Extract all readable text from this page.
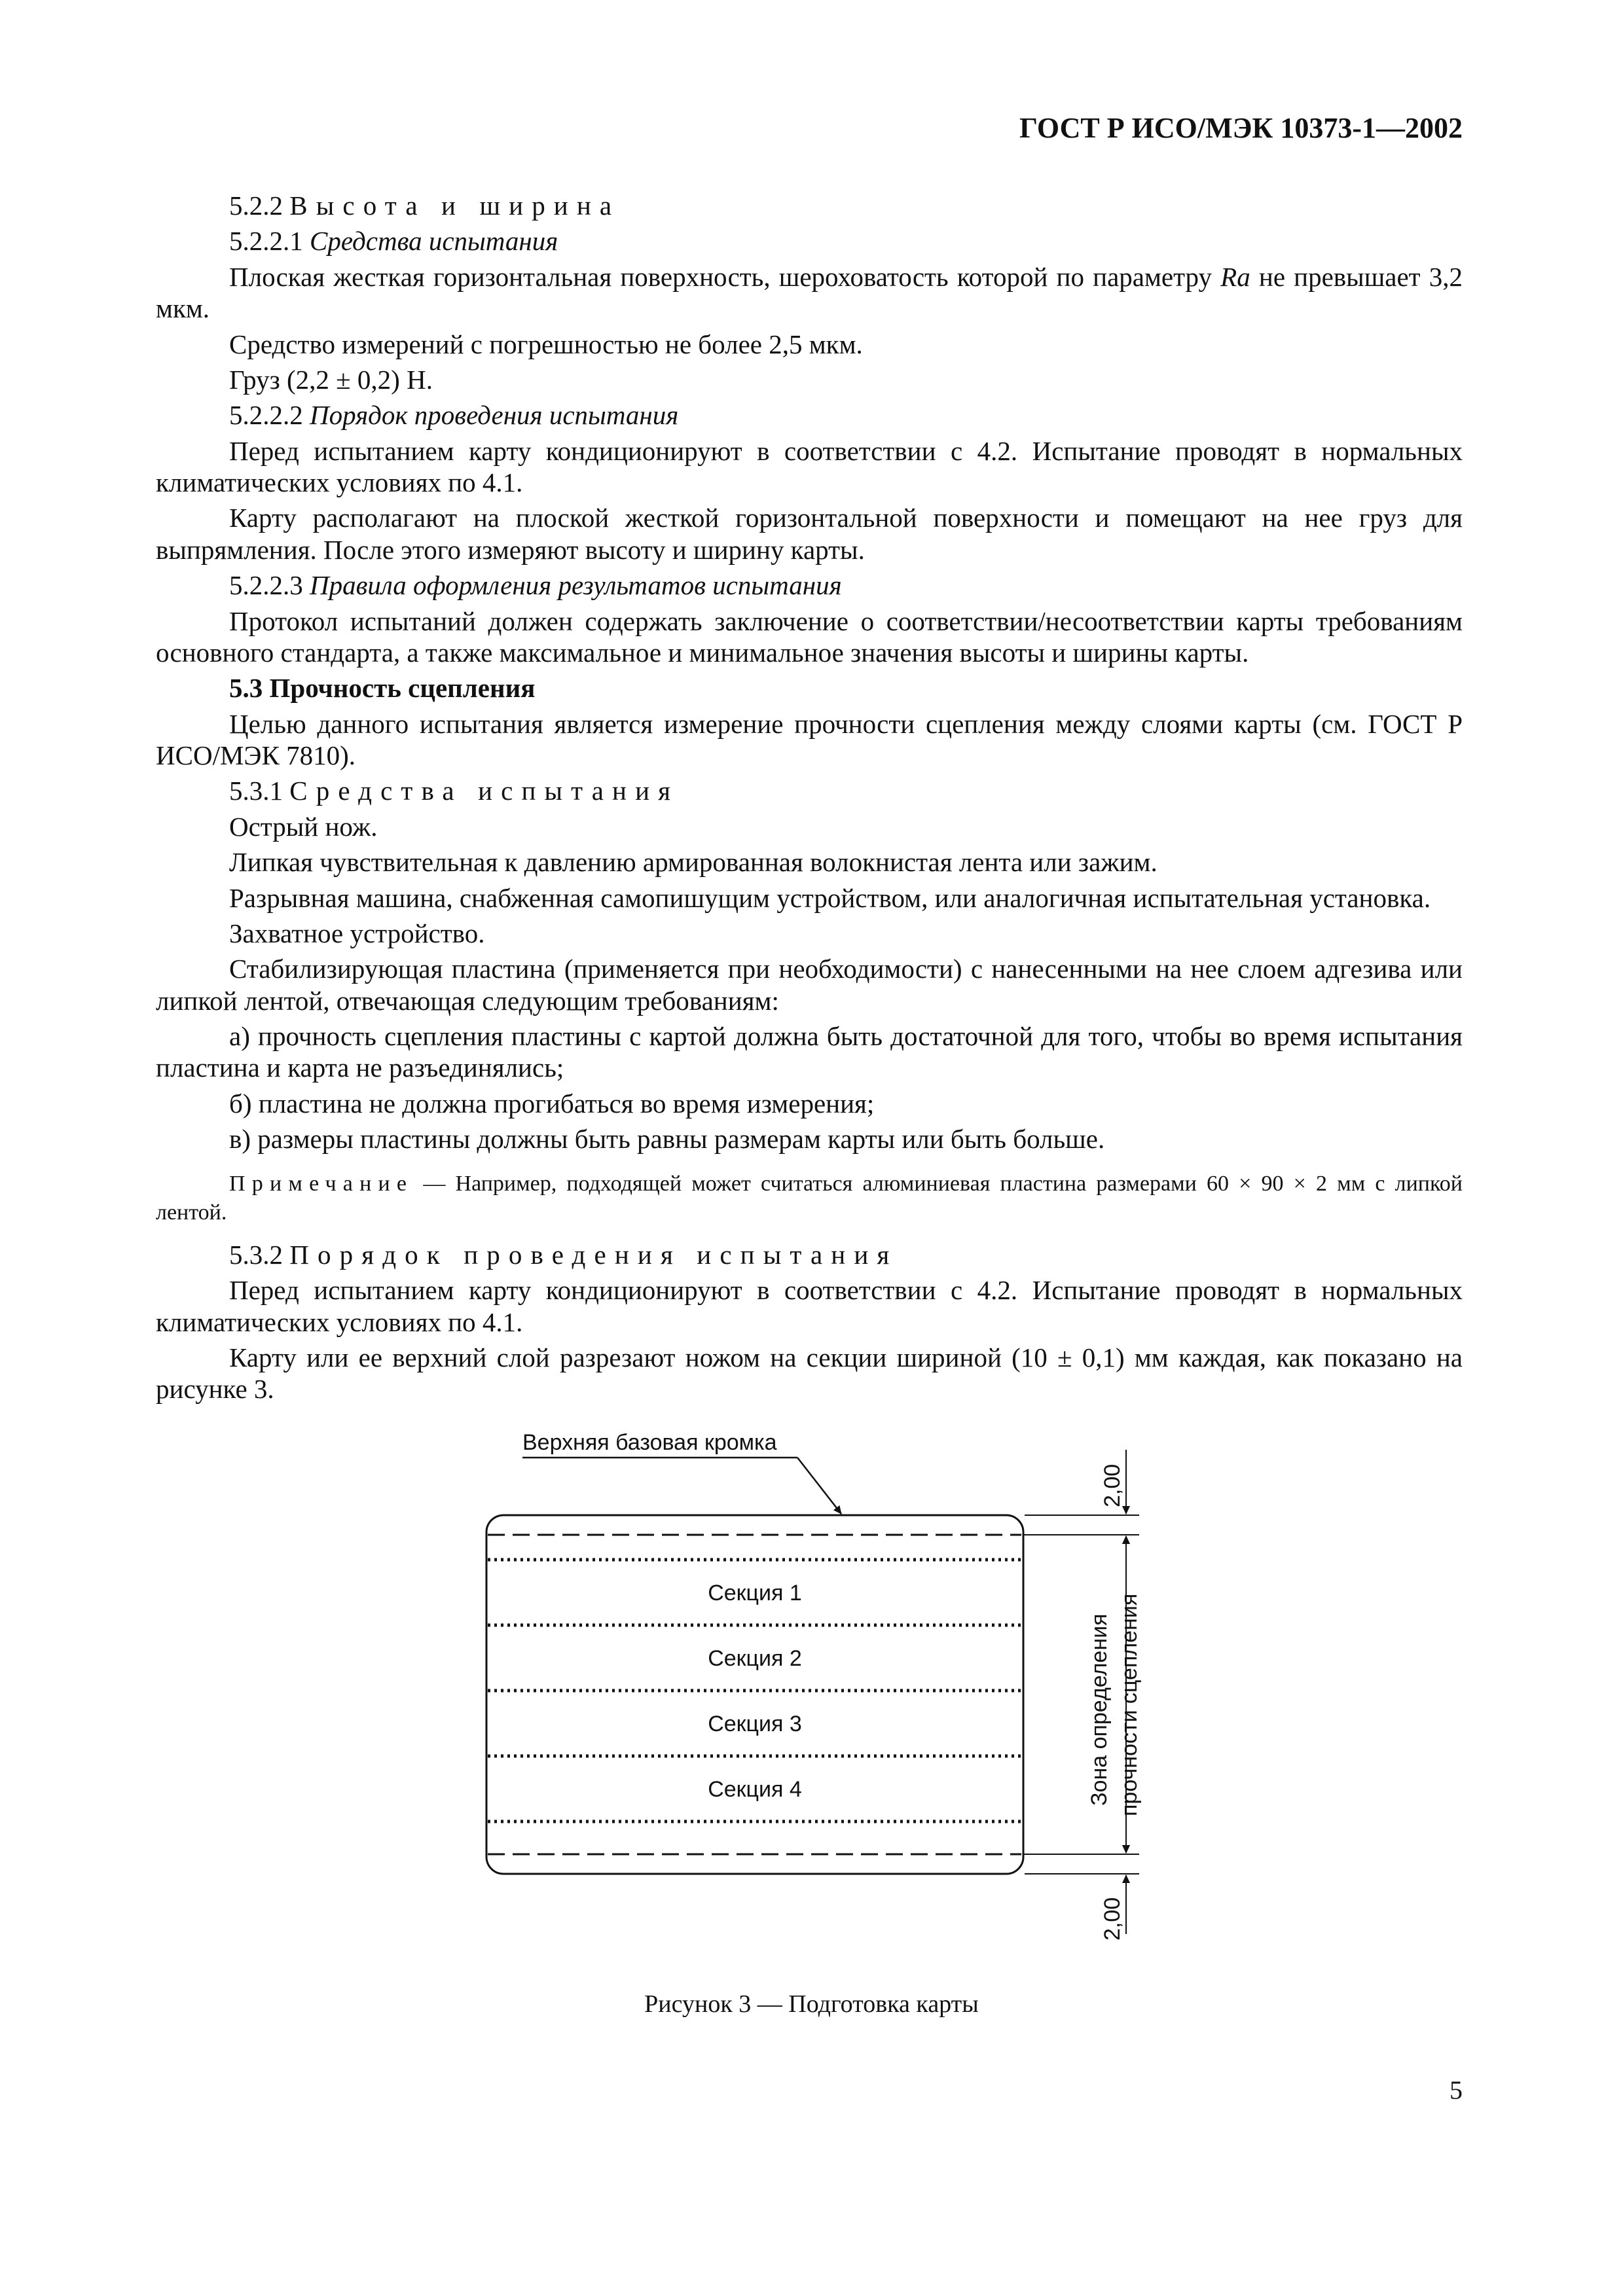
ГОСТ Р ИСО/МЭК 10373-1—2002

5.2.2 Высота и ширина

5.2.2.1 Средства испытания

Плоская жесткая горизонтальная поверхность, шероховатость которой по параметру Ra не превышает 3,2 мкм.

Средство измерений с погрешностью не более 2,5 мкм.

Груз (2,2 ± 0,2) Н.

5.2.2.2 Порядок проведения испытания

Перед испытанием карту кондиционируют в соответствии с 4.2. Испытание проводят в нормальных климатических условиях по 4.1.

Карту располагают на плоской жесткой горизонтальной поверхности и помещают на нее груз для выпрямления. После этого измеряют высоту и ширину карты.

5.2.2.3 Правила оформления результатов испытания

Протокол испытаний должен содержать заключение о соответствии/несоответствии карты требованиям основного стандарта, а также максимальное и минимальное значения высоты и ширины карты.

5.3 Прочность сцепления

Целью данного испытания является измерение прочности сцепления между слоями карты (см. ГОСТ Р ИСО/МЭК 7810).

5.3.1 Средства испытания

Острый нож.

Липкая чувствительная к давлению армированная волокнистая лента или зажим.

Разрывная машина, снабженная самопишущим устройством, или аналогичная испытательная установка.

Захватное устройство.

Стабилизирующая пластина (применяется при необходимости) с нанесенными на нее слоем адгезива или липкой лентой, отвечающая следующим требованиям:

а) прочность сцепления пластины с картой должна быть достаточной для того, чтобы во время испытания пластина и карта не разъединялись;

б) пластина не должна прогибаться во время измерения;

в) размеры пластины должны быть равны размерам карты или быть больше.

Примечание — Например, подходящей может считаться алюминиевая пластина размерами 60 × 90 × 2 мм с липкой лентой.

5.3.2 Порядок проведения испытания

Перед испытанием карту кондиционируют в соответствии с 4.2. Испытание проводят в нормальных климатических условиях по 4.1.

Карту или ее верхний слой разрезают ножом на секции шириной (10 ± 0,1) мм каждая, как показано на рисунке 3.

Верхняя базовая кромка
Секция 1
Секция 2
Секция 3
Секция 4
2,00
Зона определения прочности сцепления
2,00
Рисунок 3 — Подготовка карты
5
